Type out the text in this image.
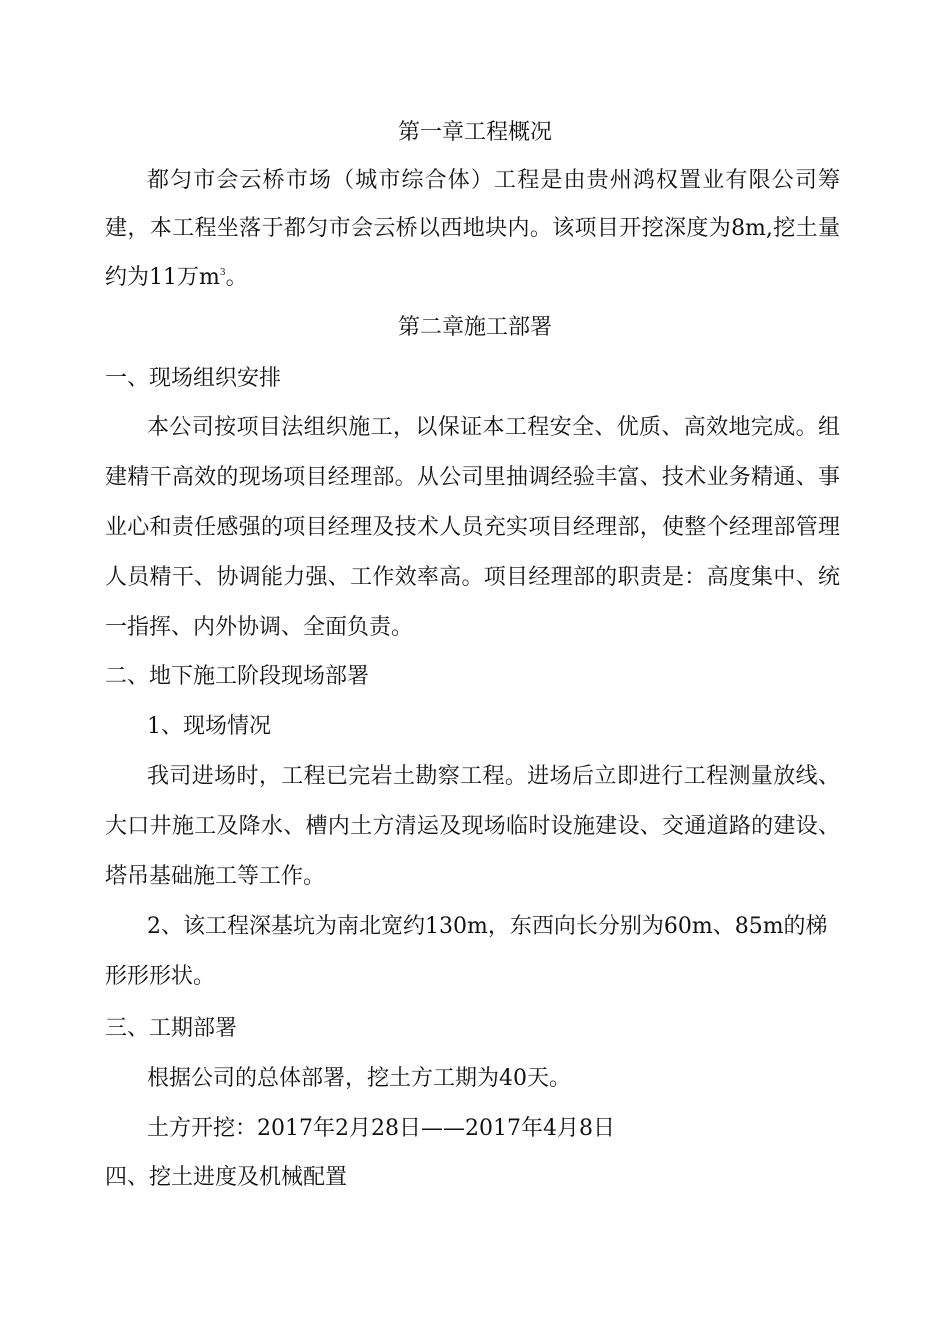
第一章工程概况
都匀市会云桥市场（城市综合体）工程是由贵州鸿权置业有限公司筹
建，本工程坐落于都匀市会云桥以西地块内。该项目开挖深度为8m,挖土量
约为11万$m^3$。
第二章施工部署
一、现场组织安排
本公司按项目法组织施工，以保证本工程安全、优质、高效地完成。组
建精干高效的现场项目经理部。从公司里抽调经验丰富、技术业务精通、事
业心和责任感强的项目经理及技术人员充实项目经理部，使整个经理部管理
人员精干、协调能力强、工作效率高。项目经理部的职责是：高度集中、统
一指挥、内外协调、全面负责。
二、地下施工阶段现场部署
1、现场情况
我司进场时，工程已完岩土勘察工程。进场后立即进行工程测量放线、
大口井施工及降水、槽内土方清运及现场临时设施建设、交通道路的建设、
塔吊基础施工等工作。
2、该工程深基坑为南北宽约130m，东西向长分别为60m、85m的梯
形形形状。
三、工期部署
根据公司的总体部署，挖土方工期为40天。
土方开挖：2017年2月28日——2017年4月8日
四、挖土进度及机械配置
